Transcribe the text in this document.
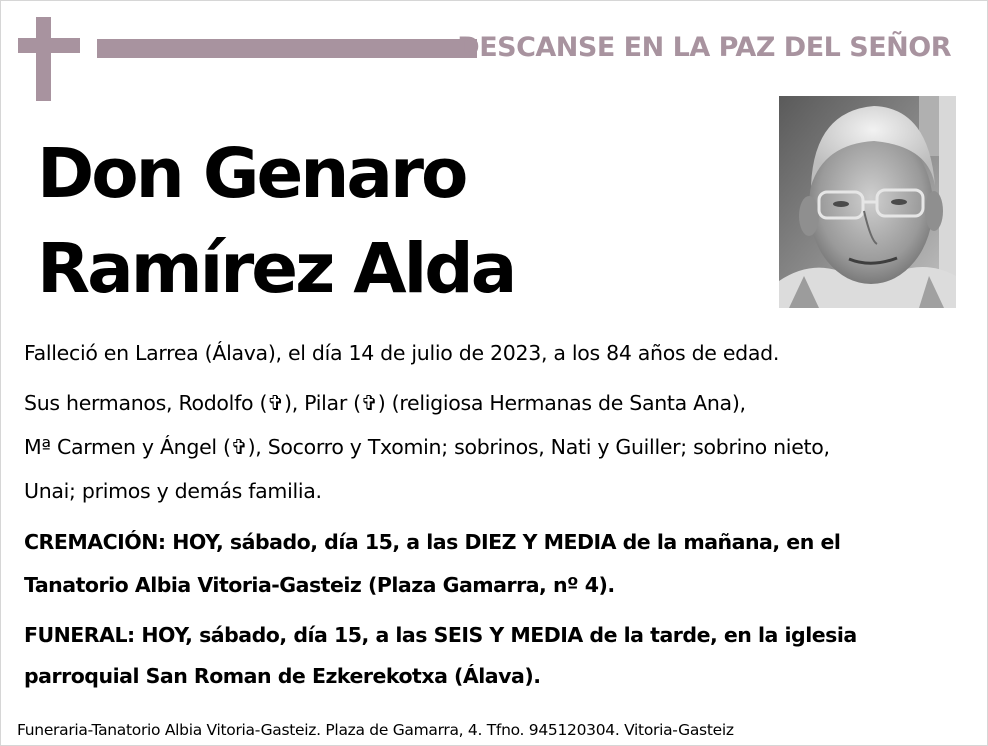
DESCANSE EN LA PAZ DEL SEÑOR
Don Genaro
Ramírez Alda

Falleció en Larrea (Álava), el día 14 de julio de 2023, a los 84 años de edad.

Sus hermanos, Rodolfo (✞), Pilar (✞) (religiosa Hermanas de Santa Ana),

Mª Carmen y Ángel (✞), Socorro y Txomin; sobrinos, Nati y Guiller; sobrino nieto,

Unai; primos y demás familia.

CREMACIÓN: HOY, sábado, día 15, a las DIEZ Y MEDIA de la mañana, en el

Tanatorio Albia Vitoria-Gasteiz (Plaza Gamarra, nº 4).

FUNERAL: HOY, sábado, día 15, a las SEIS Y MEDIA de la tarde, en la iglesia

parroquial San Roman de Ezkerekotxa (Álava).

Funeraria-Tanatorio Albia Vitoria-Gasteiz. Plaza de Gamarra, 4. Tfno. 945120304. Vitoria-Gasteiz
